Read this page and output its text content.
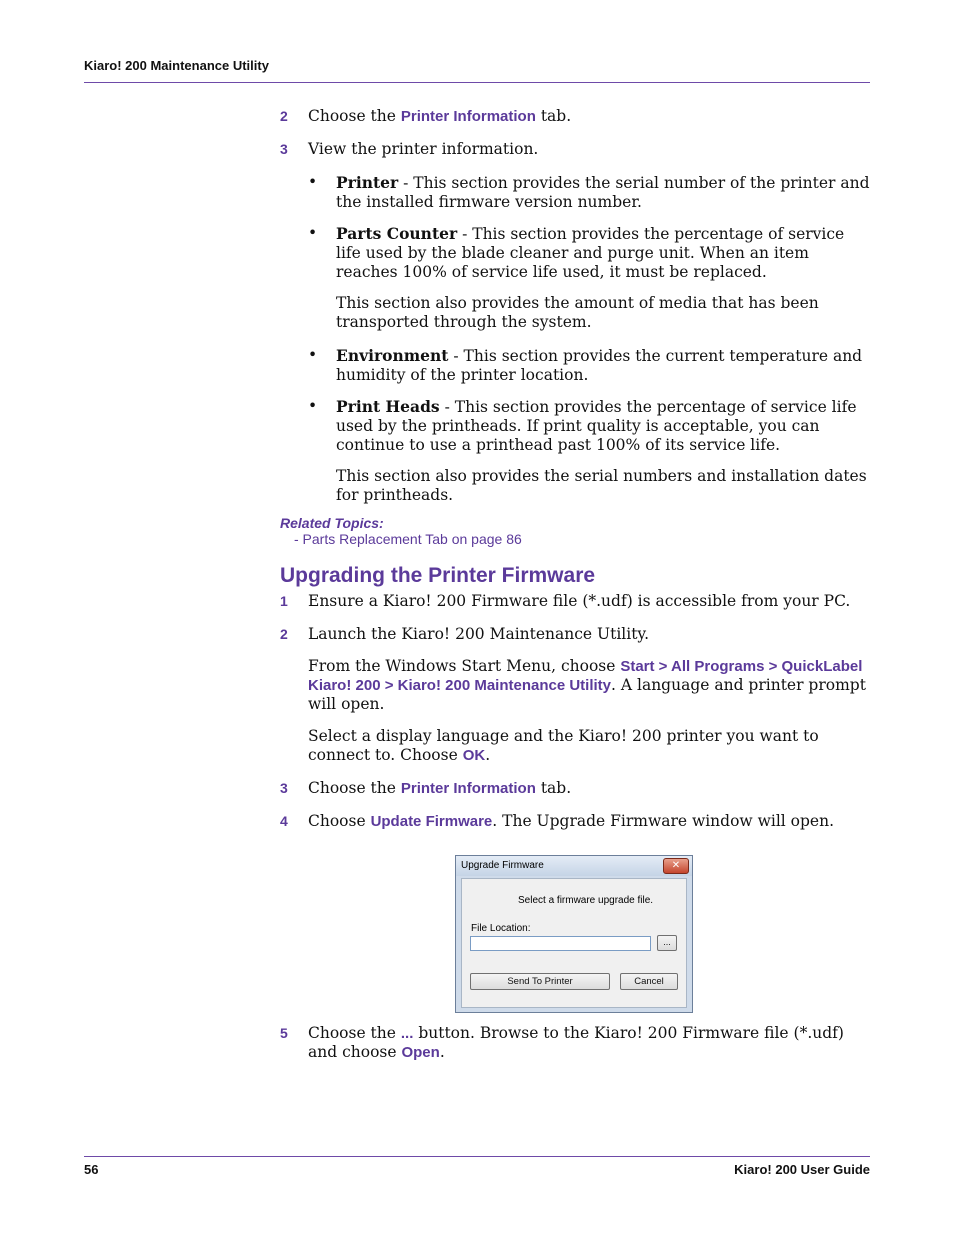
Kiaro! 200 Maintenance Utility
2 Choose the Printer Information tab.
3 View the printer information.
• Printer - This section provides the serial number of the printer and the installed firmware version number.
• Parts Counter - This section provides the percentage of service life used by the blade cleaner and purge unit. When an item reaches 100% of service life used, it must be replaced.
This section also provides the amount of media that has been transported through the system.
• Environment - This section provides the current temperature and humidity of the printer location.
• Print Heads - This section provides the percentage of service life used by the printheads. If print quality is acceptable, you can continue to use a printhead past 100% of its service life.
This section also provides the serial numbers and installation dates for printheads.
Related Topics:
- Parts Replacement Tab on page 86
Upgrading the Printer Firmware
1 Ensure a Kiaro! 200 Firmware file (*.udf) is accessible from your PC.
2 Launch the Kiaro! 200 Maintenance Utility.
From the Windows Start Menu, choose Start > All Programs > QuickLabel Kiaro! 200 > Kiaro! 200 Maintenance Utility. A language and printer prompt will open.
Select a display language and the Kiaro! 200 printer you want to connect to. Choose OK.
3 Choose the Printer Information tab.
4 Choose Update Firmware. The Upgrade Firmware window will open.
Upgrade Firmware	✕
Select a firmware upgrade file.
File Location:
...
Send To Printer	Cancel
5 Choose the ... button. Browse to the Kiaro! 200 Firmware file (*.udf) and choose Open.
56	Kiaro! 200 User Guide
